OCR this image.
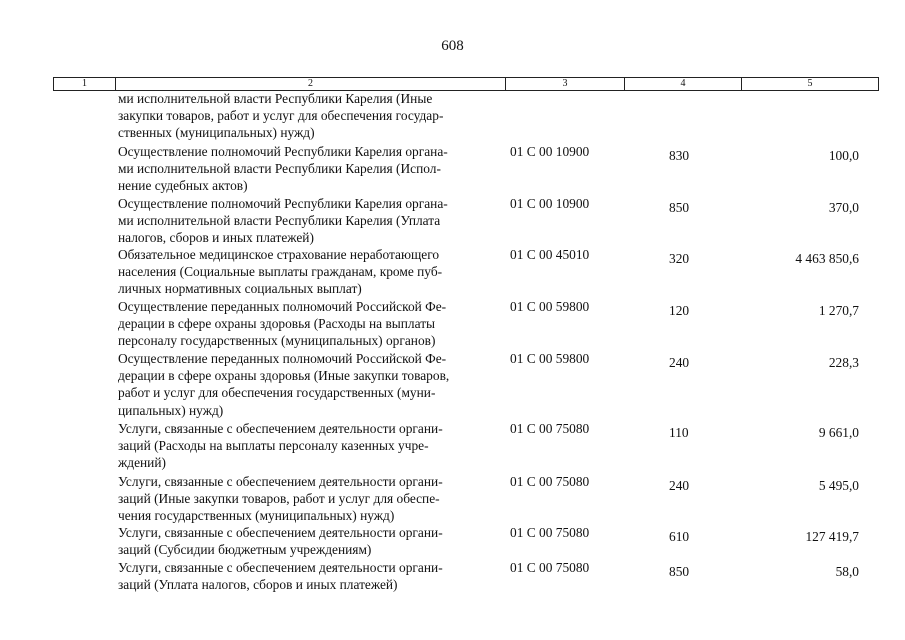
608
1	2	3	4	5
ми исполнительной власти Республики Карелия (Иные
закупки товаров, работ и услуг для обеспечения государ-
ственных (муниципальных) нужд)
Осуществление полномочий Республики Карелия органа-
ми исполнительной власти Республики Карелия (Испол-
нение судебных актов)
01 С 00 10900	830	100,0
Осуществление полномочий Республики Карелия органа-
ми исполнительной власти Республики Карелия (Уплата
налогов, сборов и иных платежей)
01 С 00 10900	850	370,0
Обязательное медицинское страхование неработающего
населения (Социальные выплаты гражданам, кроме пуб-
личных нормативных социальных выплат)
01 С 00 45010	320	4 463 850,6
Осуществление переданных полномочий Российской Фе-
дерации в сфере охраны здоровья (Расходы на выплаты
персоналу государственных (муниципальных) органов)
01 С 00 59800	120	1 270,7
Осуществление переданных полномочий Российской Фе-
дерации в сфере охраны здоровья (Иные закупки товаров,
работ и услуг для обеспечения государственных (муни-
ципальных) нужд)
01 С 00 59800	240	228,3
Услуги, связанные с обеспечением деятельности органи-
заций (Расходы на выплаты персоналу казенных учре-
ждений)
01 С 00 75080	110	9 661,0
Услуги, связанные с обеспечением деятельности органи-
заций (Иные закупки товаров, работ и услуг для обеспе-
чения государственных (муниципальных) нужд)
01 С 00 75080	240	5 495,0
Услуги, связанные с обеспечением деятельности органи-
заций (Субсидии бюджетным учреждениям)
01 С 00 75080	610	127 419,7
Услуги, связанные с обеспечением деятельности органи-
заций (Уплата налогов, сборов и иных платежей)
01 С 00 75080	850	58,0
